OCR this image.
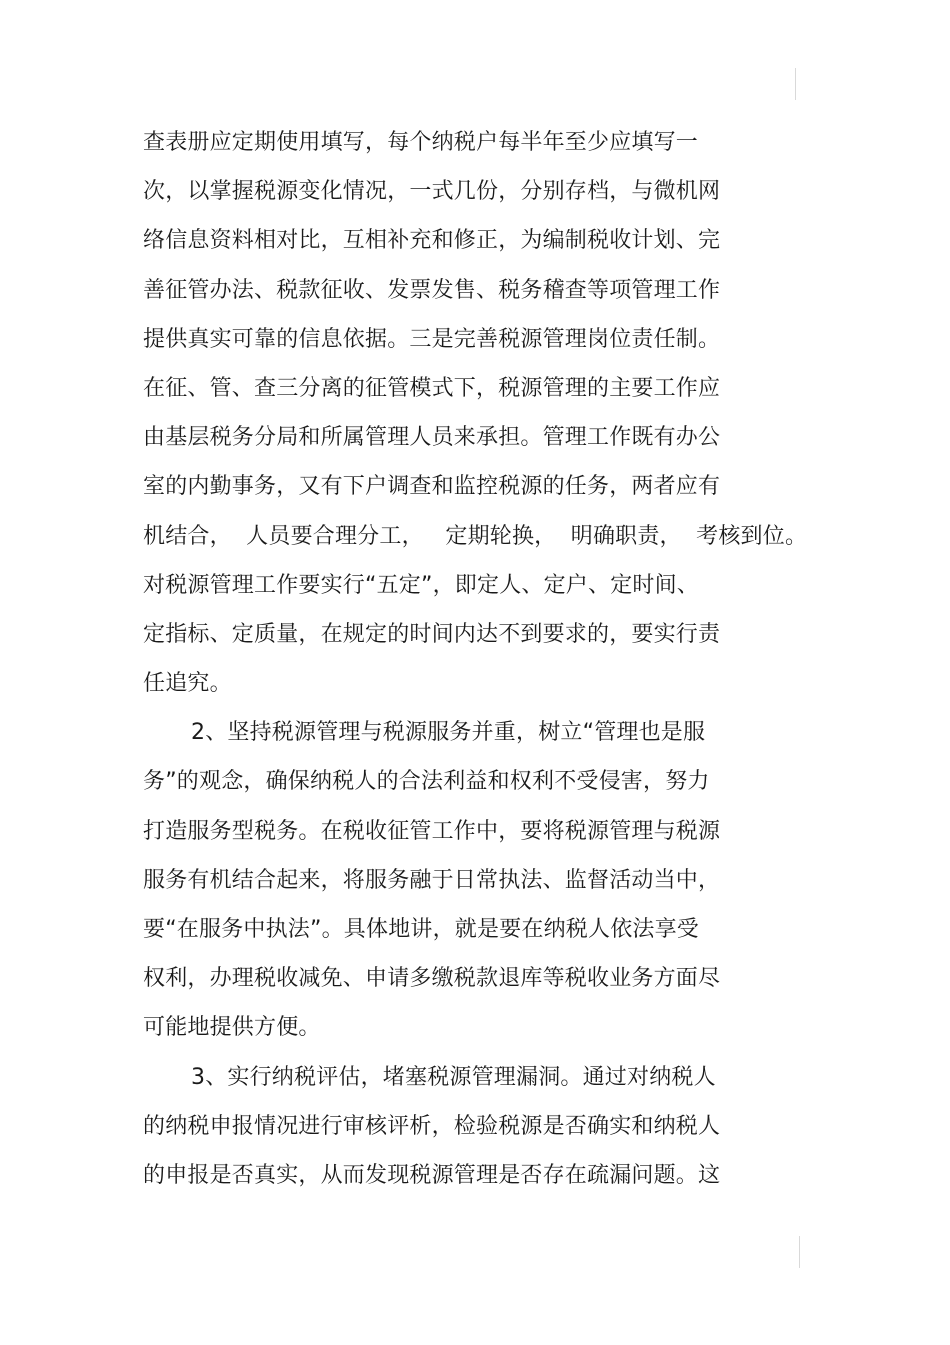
查表册应定期使用填写，每个纳税户每半年至少应填写一
次，以掌握税源变化情况，一式几份，分别存档，与微机网
络信息资料相对比，互相补充和修正，为编制税收计划、完
善征管办法、税款征收、发票发售、税务稽查等项管理工作
提供真实可靠的信息依据。三是完善税源管理岗位责任制。
在征、管、查三分离的征管模式下，税源管理的主要工作应
由基层税务分局和所属管理人员来承担。管理工作既有办公
室的内勤事务，又有下户调查和监控税源的任务，两者应有
机结合，  人员要合理分工，   定期轮换，  明确职责，  考核到位。
对税源管理工作要实行“五定”，即定人、定户、定时间、
定指标、定质量，在规定的时间内达不到要求的，要实行责
任追究。
2、坚持税源管理与税源服务并重，树立“管理也是服
务”的观念，确保纳税人的合法利益和权利不受侵害，努力
打造服务型税务。在税收征管工作中，要将税源管理与税源
服务有机结合起来，将服务融于日常执法、监督活动当中，
要“在服务中执法”。具体地讲，就是要在纳税人依法享受
权利，办理税收减免、申请多缴税款退库等税收业务方面尽
可能地提供方便。
3、实行纳税评估，堵塞税源管理漏洞。通过对纳税人
的纳税申报情况进行审核评析，检验税源是否确实和纳税人
的申报是否真实，从而发现税源管理是否存在疏漏问题。这
